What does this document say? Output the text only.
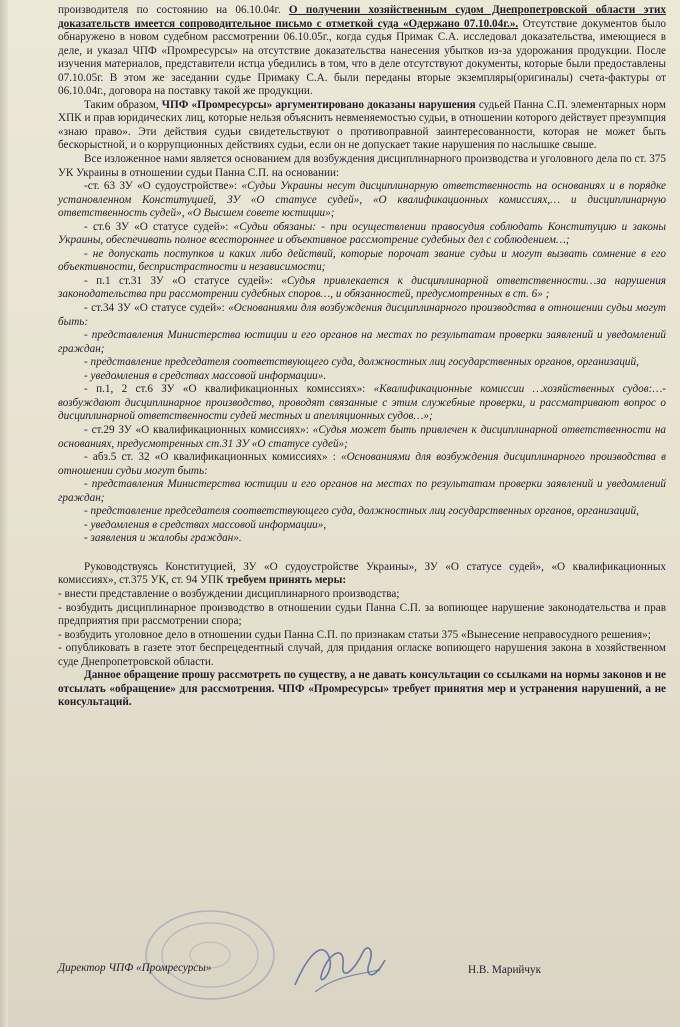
производителя по состоянию на 06.10.04г. О получении хозяйственным судом Днепропетровской области этих доказательств имеется сопроводительное письмо с отметкой суда «Одержано 07.10.04г.». Отсутствие документов было обнаружено в новом судебном рассмотрении 06.10.05г., когда судья Примак С.А. исследовал доказательства, имеющиеся в деле, и указал ЧПФ «Промресурсы» на отсутствие доказательства нанесения убытков из-за удорожания продукции. После изучения материалов, представители истца убедились в том, что в деле отсутствуют документы, которые были предоставлены 07.10.05г. В этом же заседании судье Примаку С.А. были переданы вторые экземпляры(оригиналы) счета-фактуры от 06.10.04г., договора на поставку такой же продукции.

Таким образом, ЧПФ «Промресурсы» аргументировано доказаны нарушения судьей Панна С.П. элементарных норм ХПК и прав юридических лиц, которые нельзя объяснить невменяемостью судьи, в отношении которого действует презумпция «знаю право». Эти действия судьи свидетельствуют о противоправной заинтересованности, которая не может быть бескорыстной, и о коррупционных действиях судьи, если он не допускает такие нарушения по наслышке свыше.

Все изложенное нами является основанием для возбуждения дисциплинарного производства и уголовного дела по ст. 375 УК Украины в отношении судьи Панна С.П. на основании:

-ст. 63 ЗУ «О судоустройстве»: «Судьи Украины несут дисциплинарную ответственность на основаниях и в порядке установленном Конституцией, ЗУ «О статусе судей», «О квалификационных комиссиях,… и дисциплинарную ответственность судей», «О Высшем совете юстиции»;

- ст.6 ЗУ «О статусе судей»: «Судьи обязаны: - при осуществлении правосудия соблюдать Конституцию и законы Украины, обеспечивать полное всестороннее и объективное рассмотрение судебных дел с соблюдением…;

- не допускать поступков и каких либо действий, которые порочат звание судьи и могут вызвать сомнение в его объективности, беспристрастности и независимости;

- п.1 ст.31 ЗУ «О статусе судей»: «Судья привлекается к дисциплинарной ответственности…за нарушения законодательства при рассмотрении судебных споров…, и обязанностей, предусмотренных в ст. 6» ;

- ст.34 ЗУ «О статусе судей»: «Основаниями для возбуждения дисциплинарного производства в отношении судьи могут быть:

- представления Министерства юстиции и его органов на местах по результатам проверки заявлений и уведомлений граждан;

- представление председателя соответствующего суда, должностных лиц государственных органов, организаций,

- уведомления в средствах массовой информации».

- п.1, 2 ст.6 ЗУ «О квалификационных комиссиях»: «Квалификационные комиссии …хозяйственных судов:…- возбуждают дисциплинарное производство, проводят связанные с этим служебные проверки, и рассматривают вопрос о дисциплинарной ответственности судей местных и апелляционных судов…»;

- ст.29 ЗУ «О квалификационных комиссиях»: «Судья может быть привлечен к дисциплинарной ответственности на основаниях, предусмотренных ст.31 ЗУ «О статусе судей»;

- абз.5 ст. 32 «О квалификационных комиссиях» : «Основаниями для возбуждения дисциплинарного производства в отношении судьи могут быть:

- представления Министерства юстиции и его органов на местах по результатам проверки заявлений и уведомлений граждан;

- представление председателя соответствующего суда, должностных лиц государственных органов, организаций,

- уведомления в средствах массовой информации»,

- заявления и жалобы граждан».

Руководствуясь Конституцией, ЗУ «О судоустройстве Украины», ЗУ «О статусе судей», «О квалификационных комиссиях», ст.375 УК, ст. 94 УПК требуем принять меры:

- внести представление о возбуждении дисциплинарного производства;

- возбудить дисциплинарное производство в отношении судьи Панна С.П. за вопиющее нарушение законодательства и прав предприятия при рассмотрении спора;

- возбудить уголовное дело в отношении судьи Панна С.П. по признакам статьи 375 «Вынесение неправосудного решения»;

- опубликовать в газете этот беспрецедентный случай, для придания огласке вопиющего нарушения закона в хозяйственном суде Днепропетровской области.

Данное обращение прошу рассмотреть по существу, а не давать консультации со ссылками на нормы законов и не отсылать «обращение» для рассмотрения. ЧПФ «Промресурсы» требует принятия мер и устранения нарушений, а не консультаций.

Директор ЧПФ «Промресурсы»	Н.В. Марийчук
